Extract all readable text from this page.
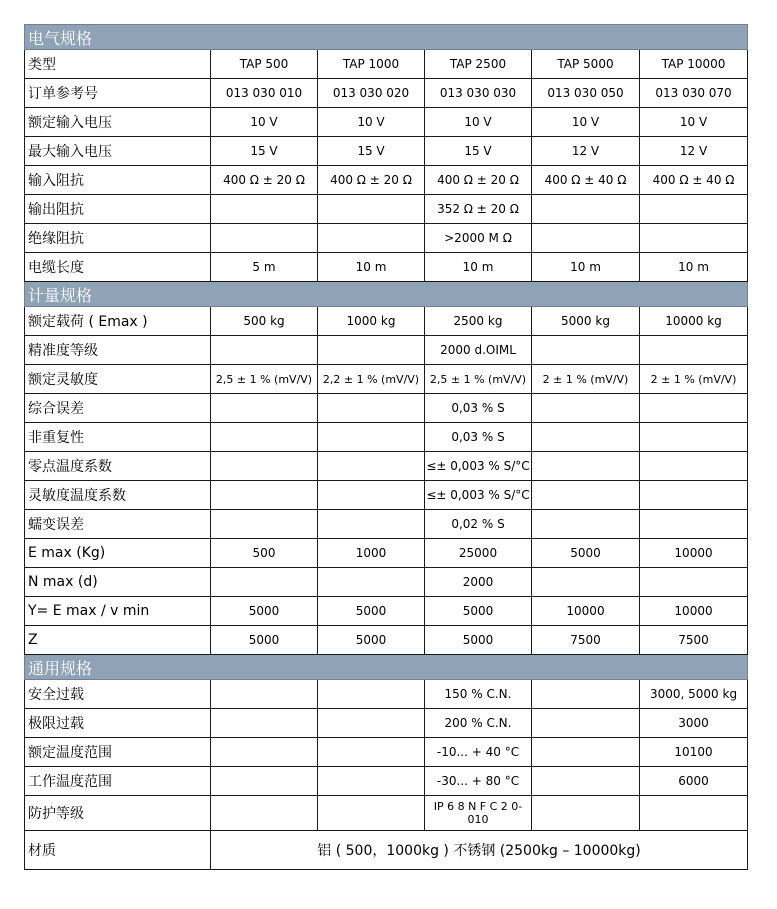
电气规格					
类型	TAP 500	TAP 1000	TAP 2500	TAP 5000	TAP 10000
订单参考号	013 030 010	013 030 020	013 030 030	013 030 050	013 030 070
额定输入电压	10 V	10 V	10 V	10 V	10 V
最大输入电压	15 V	15 V	15 V	12 V	12 V
输入阻抗	400 Ω ± 20 Ω	400 Ω ± 20 Ω	400 Ω ± 20 Ω	400 Ω ± 40 Ω	400 Ω ± 40 Ω
输出阻抗			352 Ω ± 20 Ω		
绝缘阻抗			>2000 M Ω		
电缆长度	5 m	10 m	10 m	10 m	10 m
计量规格					
额定载荷 ( Emax )	500 kg	1000 kg	2500 kg	5000 kg	10000 kg
精准度等级			2000 d.OIML		
额定灵敏度	2,5 ± 1 % (mV/V)	2,2 ± 1 % (mV/V)	2,5 ± 1 % (mV/V)	2 ± 1 % (mV/V)	2 ± 1 % (mV/V)
综合误差			0,03 % S		
非重复性			0,03 % S		
零点温度系数			≤± 0,003 % S/°C		
灵敏度温度系数			≤± 0,003 % S/°C		
蠕变误差			0,02 % S		
E max (Kg)	500	1000	25000	5000	10000
N max (d)			2000		
Y= E max / v min	5000	5000	5000	10000	10000
Z	5000	5000	5000	7500	7500
通用规格					
安全过载			150 % C.N.		3000, 5000 kg
极限过载			200 % C.N.		3000
额定温度范围			-10... + 40 °C		10100
工作温度范围			-30... + 80 °C		6000
防护等级			IP 6 8 N F C 2 0-010		
材质	铝 ( 500，1000kg ) 不锈钢 (2500kg – 10000kg)				
